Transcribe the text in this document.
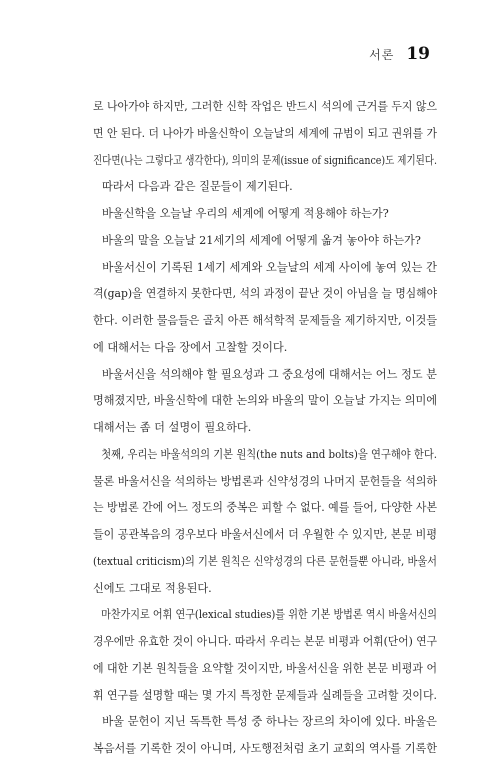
서론 19
로 나아가야 하지만, 그러한 신학 작업은 반드시 석의에 근거를 두지 않으
면 안 된다. 더 나아가 바울신학이 오늘날의 세계에 규범이 되고 권위를 가
진다면(나는 그렇다고 생각한다), 의미의 문제(issue of significance)도 제기된다.
따라서 다음과 같은 질문들이 제기된다.
바울신학을 오늘날 우리의 세계에 어떻게 적용해야 하는가?
바울의 말을 오늘날 21세기의 세계에 어떻게 옮겨 놓아야 하는가?
바울서신이 기록된 1세기 세계와 오늘날의 세계 사이에 놓여 있는 간
격(gap)을 연결하지 못한다면, 석의 과정이 끝난 것이 아님을 늘 명심해야
한다. 이러한 물음들은 골치 아픈 해석학적 문제들을 제기하지만, 이것들
에 대해서는 다음 장에서 고찰할 것이다.
바울서신을 석의해야 할 필요성과 그 중요성에 대해서는 어느 정도 분
명해졌지만, 바울신학에 대한 논의와 바울의 말이 오늘날 가지는 의미에
대해서는 좀 더 설명이 필요하다.
첫째, 우리는 바울석의의 기본 원칙(the nuts and bolts)을 연구해야 한다.
물론 바울서신을 석의하는 방법론과 신약성경의 나머지 문헌들을 석의하
는 방법론 간에 어느 정도의 중복은 피할 수 없다. 예를 들어, 다양한 사본
들이 공관복음의 경우보다 바울서신에서 더 우월한 수 있지만, 본문 비평
(textual criticism)의 기본 원칙은 신약성경의 다른 문헌들뿐 아니라, 바울서
신에도 그대로 적용된다.
마찬가지로 어휘 연구(lexical studies)를 위한 기본 방법론 역시 바울서신의
경우에만 유효한 것이 아니다. 따라서 우리는 본문 비평과 어휘(단어) 연구
에 대한 기본 원칙들을 요약할 것이지만, 바울서신을 위한 본문 비평과 어
휘 연구를 설명할 때는 몇 가지 특정한 문제들과 실례들을 고려할 것이다.
바울 문헌이 지닌 독특한 특성 중 하나는 장르의 차이에 있다. 바울은
복음서를 기록한 것이 아니며, 사도행전처럼 초기 교회의 역사를 기록한
